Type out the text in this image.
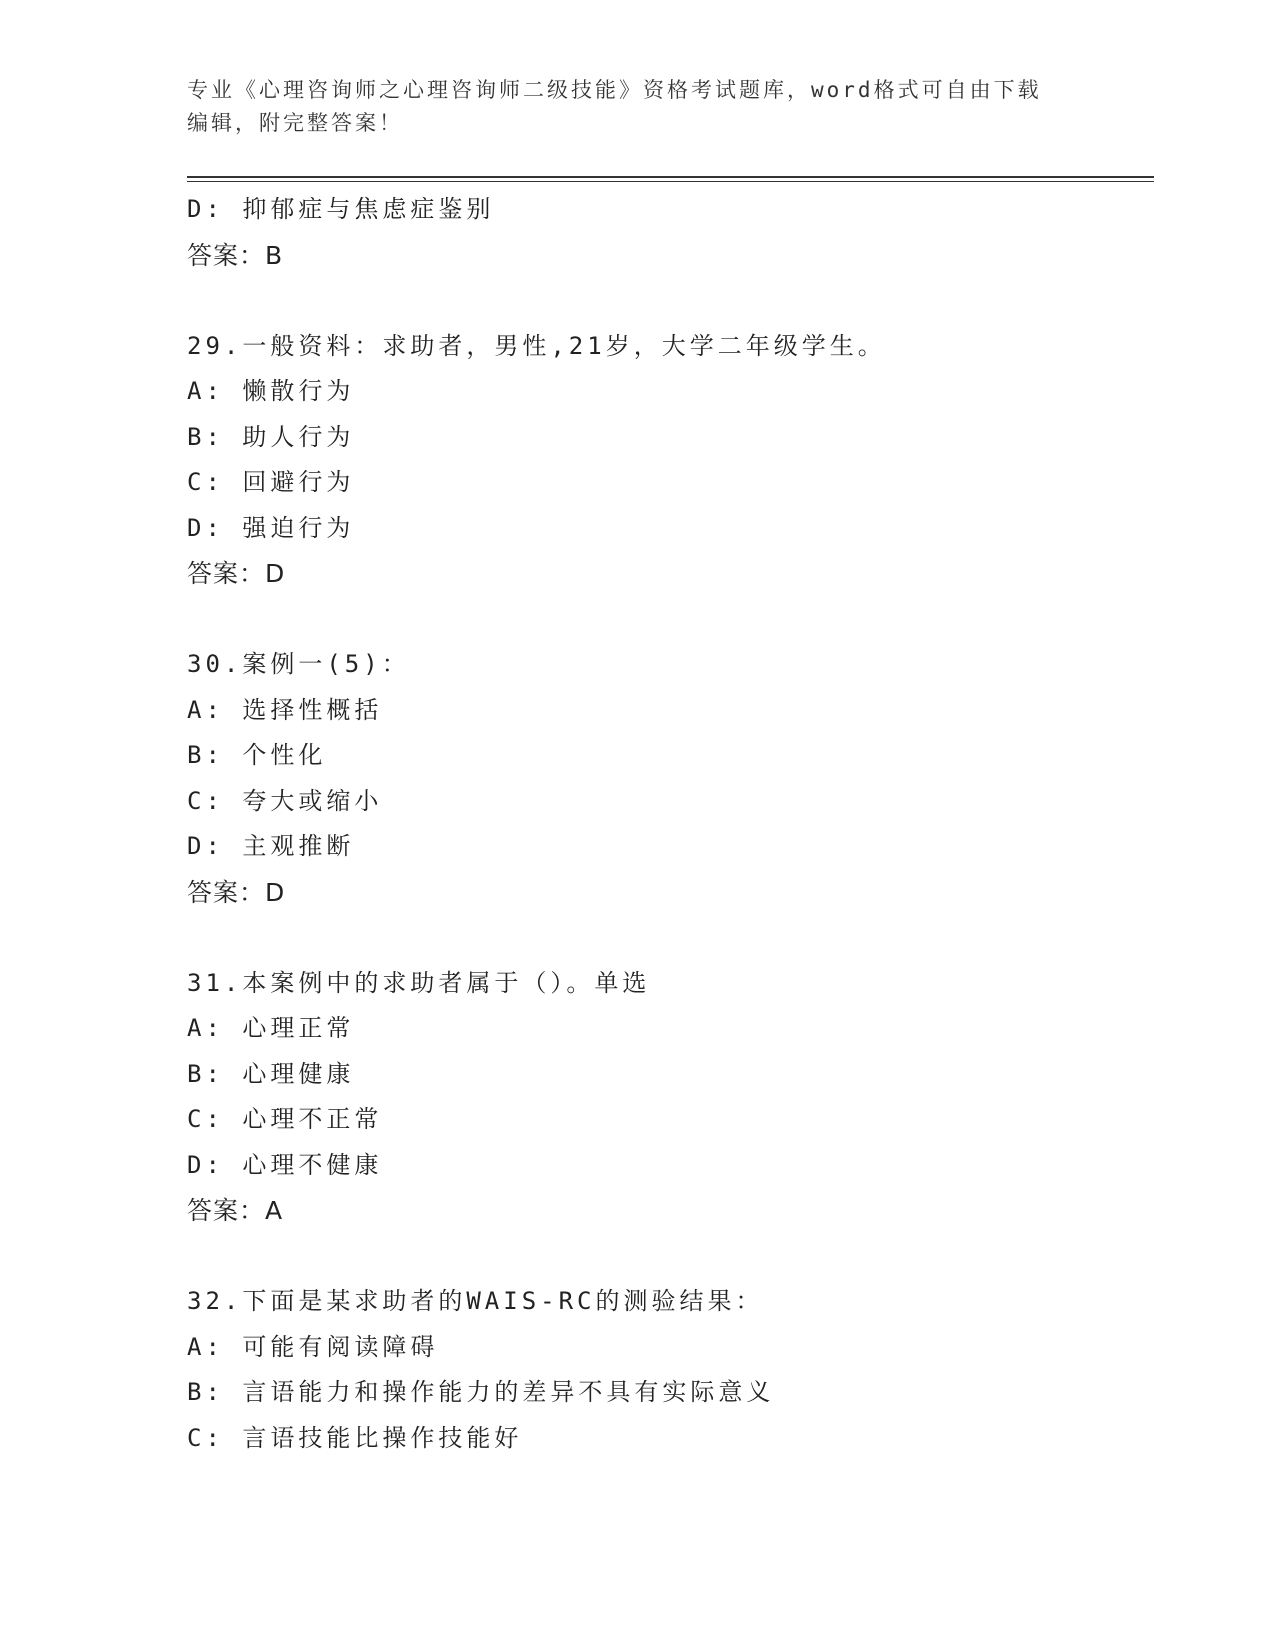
专业《心理咨询师之心理咨询师二级技能》资格考试题库，word格式可自由下载
编辑，附完整答案！
D: 抑郁症与焦虑症鉴别
答案：B
29.一般资料：求助者，男性,21岁，大学二年级学生。
A: 懒散行为
B: 助人行为
C: 回避行为
D: 强迫行为
答案：D
30.案例一(5)：
A: 选择性概括
B: 个性化
C: 夸大或缩小
D: 主观推断
答案：D
31.本案例中的求助者属于（）。单选
A: 心理正常
B: 心理健康
C: 心理不正常
D: 心理不健康
答案：A
32.下面是某求助者的WAIS-RC的测验结果：
A: 可能有阅读障碍
B: 言语能力和操作能力的差异不具有实际意义
C: 言语技能比操作技能好
